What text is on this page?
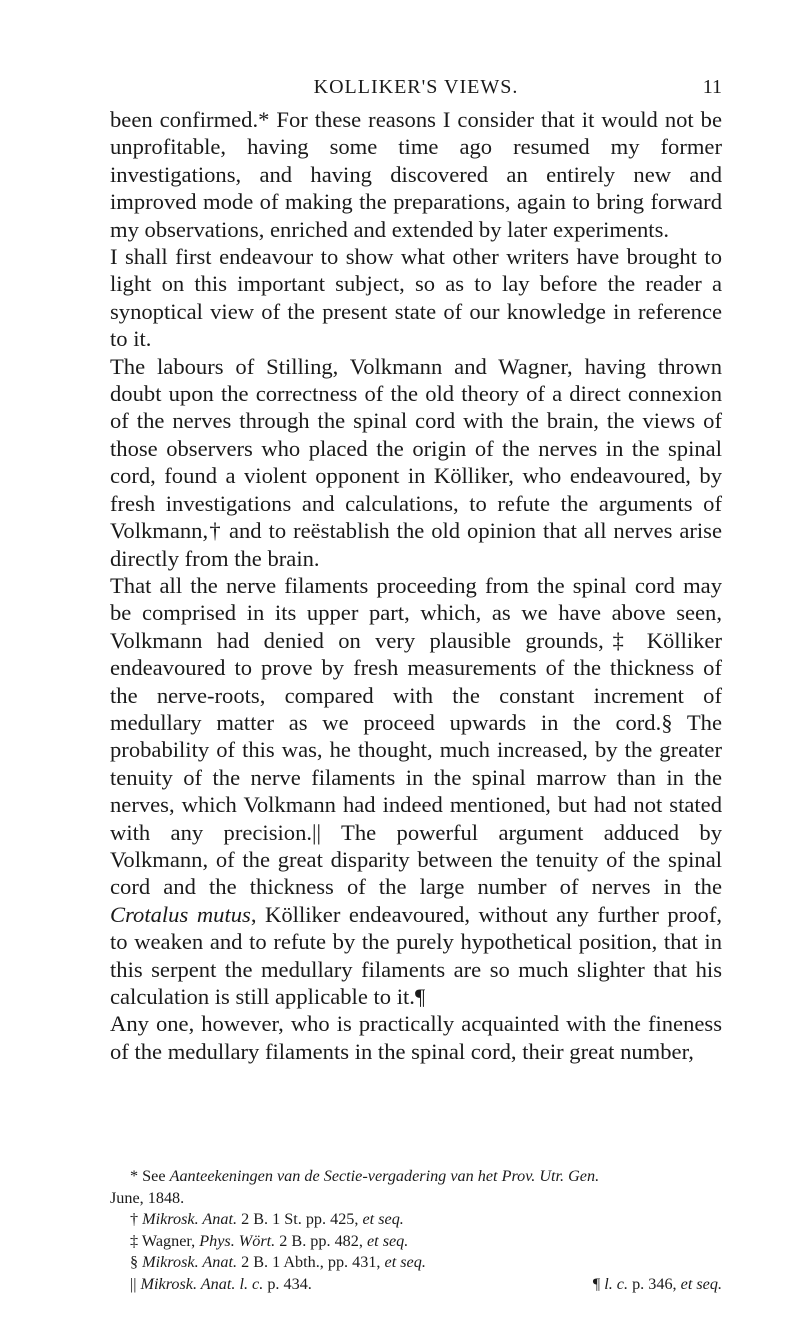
KOLLIKER'S VIEWS.	11

been confirmed.* For these reasons I consider that it would not be unprofitable, having some time ago resumed my former investigations, and having discovered an entirely new and improved mode of making the preparations, again to bring forward my observations, enriched and extended by later experiments.

I shall first endeavour to show what other writers have brought to light on this important subject, so as to lay before the reader a synoptical view of the present state of our knowledge in reference to it.

The labours of Stilling, Volkmann and Wagner, having thrown doubt upon the correctness of the old theory of a direct connexion of the nerves through the spinal cord with the brain, the views of those observers who placed the origin of the nerves in the spinal cord, found a violent opponent in Kölliker, who endeavoured, by fresh investigations and calculations, to refute the arguments of Volkmann,† and to reëstablish the old opinion that all nerves arise directly from the brain.

That all the nerve filaments proceeding from the spinal cord may be comprised in its upper part, which, as we have above seen, Volkmann had denied on very plausible grounds,‡ Kölliker endeavoured to prove by fresh measurements of the thickness of the nerve-roots, compared with the constant increment of medullary matter as we proceed upwards in the cord.§ The probability of this was, he thought, much increased, by the greater tenuity of the nerve filaments in the spinal marrow than in the nerves, which Volkmann had indeed mentioned, but had not stated with any precision.|| The powerful argument adduced by Volkmann, of the great disparity between the tenuity of the spinal cord and the thickness of the large number of nerves in the Crotalus mutus, Kölliker endeavoured, without any further proof, to weaken and to refute by the purely hypothetical position, that in this serpent the medullary filaments are so much slighter that his calculation is still applicable to it.¶

Any one, however, who is practically acquainted with the fineness of the medullary filaments in the spinal cord, their great number,

* See Aanteekeningen van de Sectie-vergadering van het Prov. Utr. Gen.

June, 1848.

† Mikrosk. Anat. 2 B. 1 St. pp. 425, et seq.

‡ Wagner, Phys. Wört. 2 B. pp. 482, et seq.

§ Mikrosk. Anat. 2 B. 1 Abth., pp. 431, et seq.

|| Mikrosk. Anat. l. c. p. 434.	¶ l. c. p. 346, et seq.
